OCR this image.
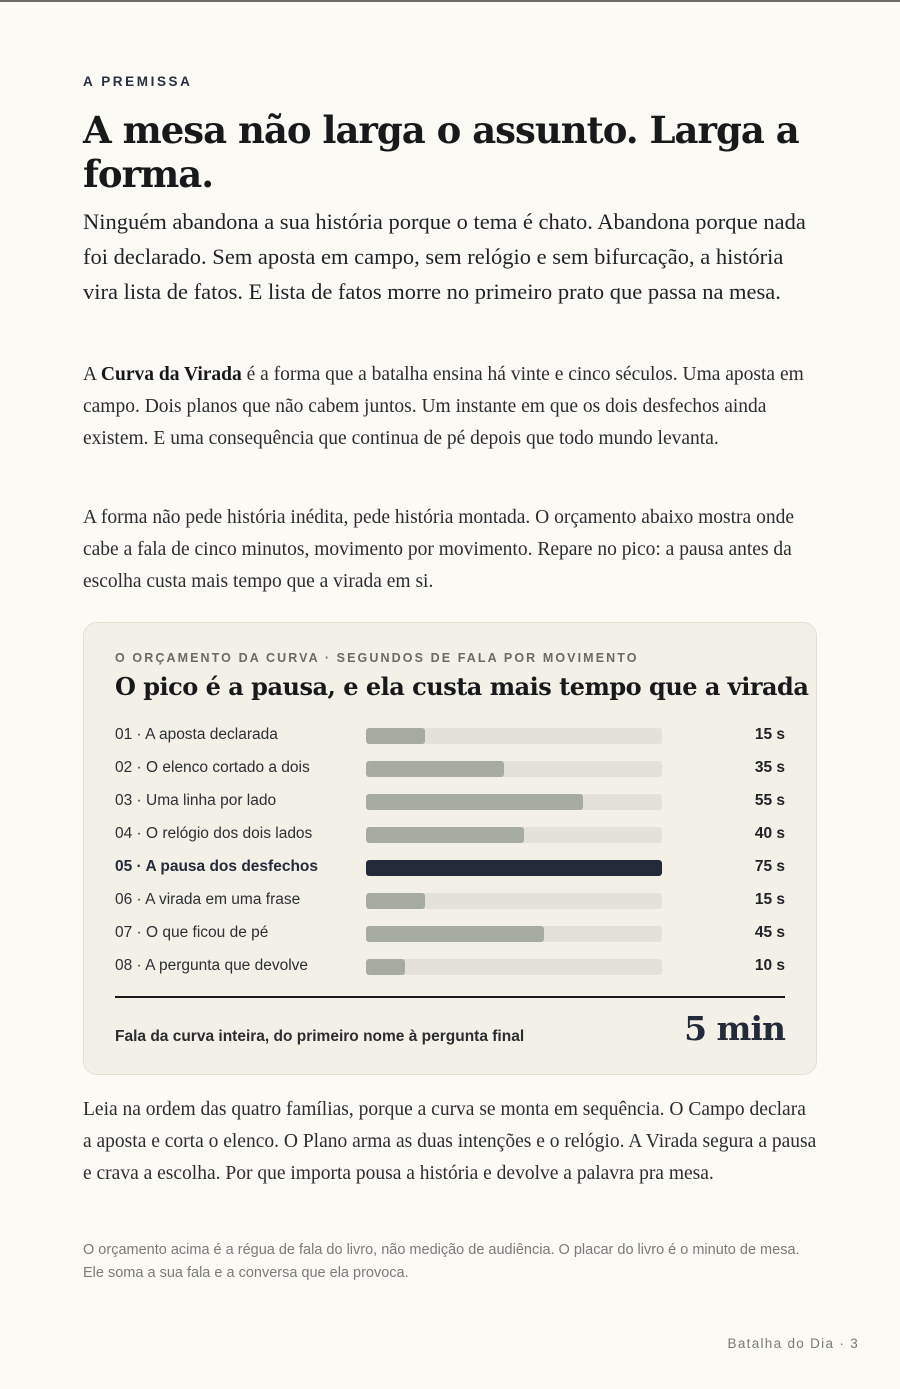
A PREMISSA
A mesa não larga o assunto. Larga a forma.

Ninguém abandona a sua história porque o tema é chato. Abandona porque nada foi declarado. Sem aposta em campo, sem relógio e sem bifurcação, a história vira lista de fatos. E lista de fatos morre no primeiro prato que passa na mesa.

A Curva da Virada é a forma que a batalha ensina há vinte e cinco séculos. Uma aposta em campo. Dois planos que não cabem juntos. Um instante em que os dois desfechos ainda existem. E uma consequência que continua de pé depois que todo mundo levanta.

A forma não pede história inédita, pede história montada. O orçamento abaixo mostra onde cabe a fala de cinco minutos, movimento por movimento. Repare no pico: a pausa antes da escolha custa mais tempo que a virada em si.

O ORÇAMENTO DA CURVA · SEGUNDOS DE FALA POR MOVIMENTO
O pico é a pausa, e ela custa mais tempo que a virada
01 · A aposta declarada	15 s
02 · O elenco cortado a dois	35 s
03 · Uma linha por lado	55 s
04 · O relógio dos dois lados	40 s
05 · A pausa dos desfechos	75 s
06 · A virada em uma frase	15 s
07 · O que ficou de pé	45 s
08 · A pergunta que devolve	10 s
Fala da curva inteira, do primeiro nome à pergunta final	5 min

Leia na ordem das quatro famílias, porque a curva se monta em sequência. O Campo declara a aposta e corta o elenco. O Plano arma as duas intenções e o relógio. A Virada segura a pausa e crava a escolha. Por que importa pousa a história e devolve a palavra pra mesa.

O orçamento acima é a régua de fala do livro, não medição de audiência. O placar do livro é o minuto de mesa. Ele soma a sua fala e a conversa que ela provoca.

Batalha do Dia · 3
